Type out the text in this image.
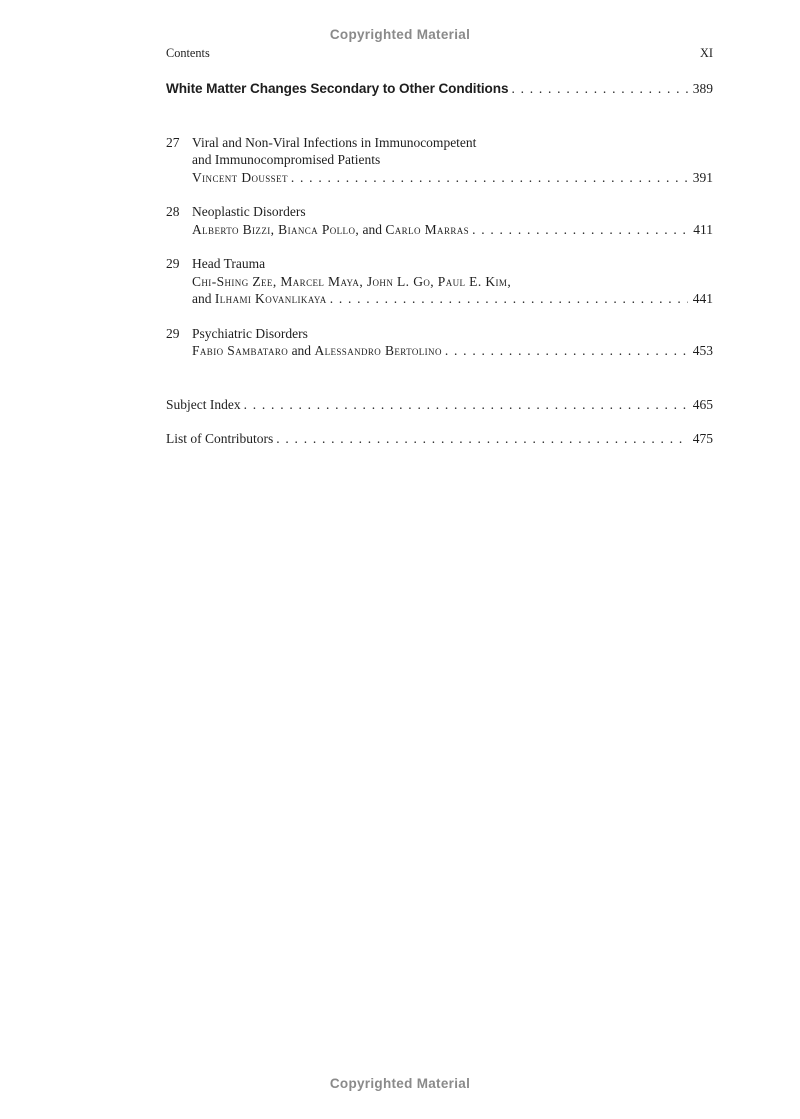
Copyrighted Material
Contents	XI
White Matter Changes Secondary to Other Conditions . . .	389
27 Viral and Non-Viral Infections in Immunocompetent
and Immunocompromised Patients
Vincent Dousset . . .	391
28 Neoplastic Disorders
Alberto Bizzi, Bianca Pollo, and Carlo Marras . . .	411
29 Head Trauma
Chi-Shing Zee, Marcel Maya, John L. Go, Paul E. Kim,
and Ilhami Kovanlikaya . . .	441
29 Psychiatric Disorders
Fabio Sambataro and Alessandro Bertolino . . .	453
Subject Index . . .	465
List of Contributors . . .	475
Copyrighted Material
